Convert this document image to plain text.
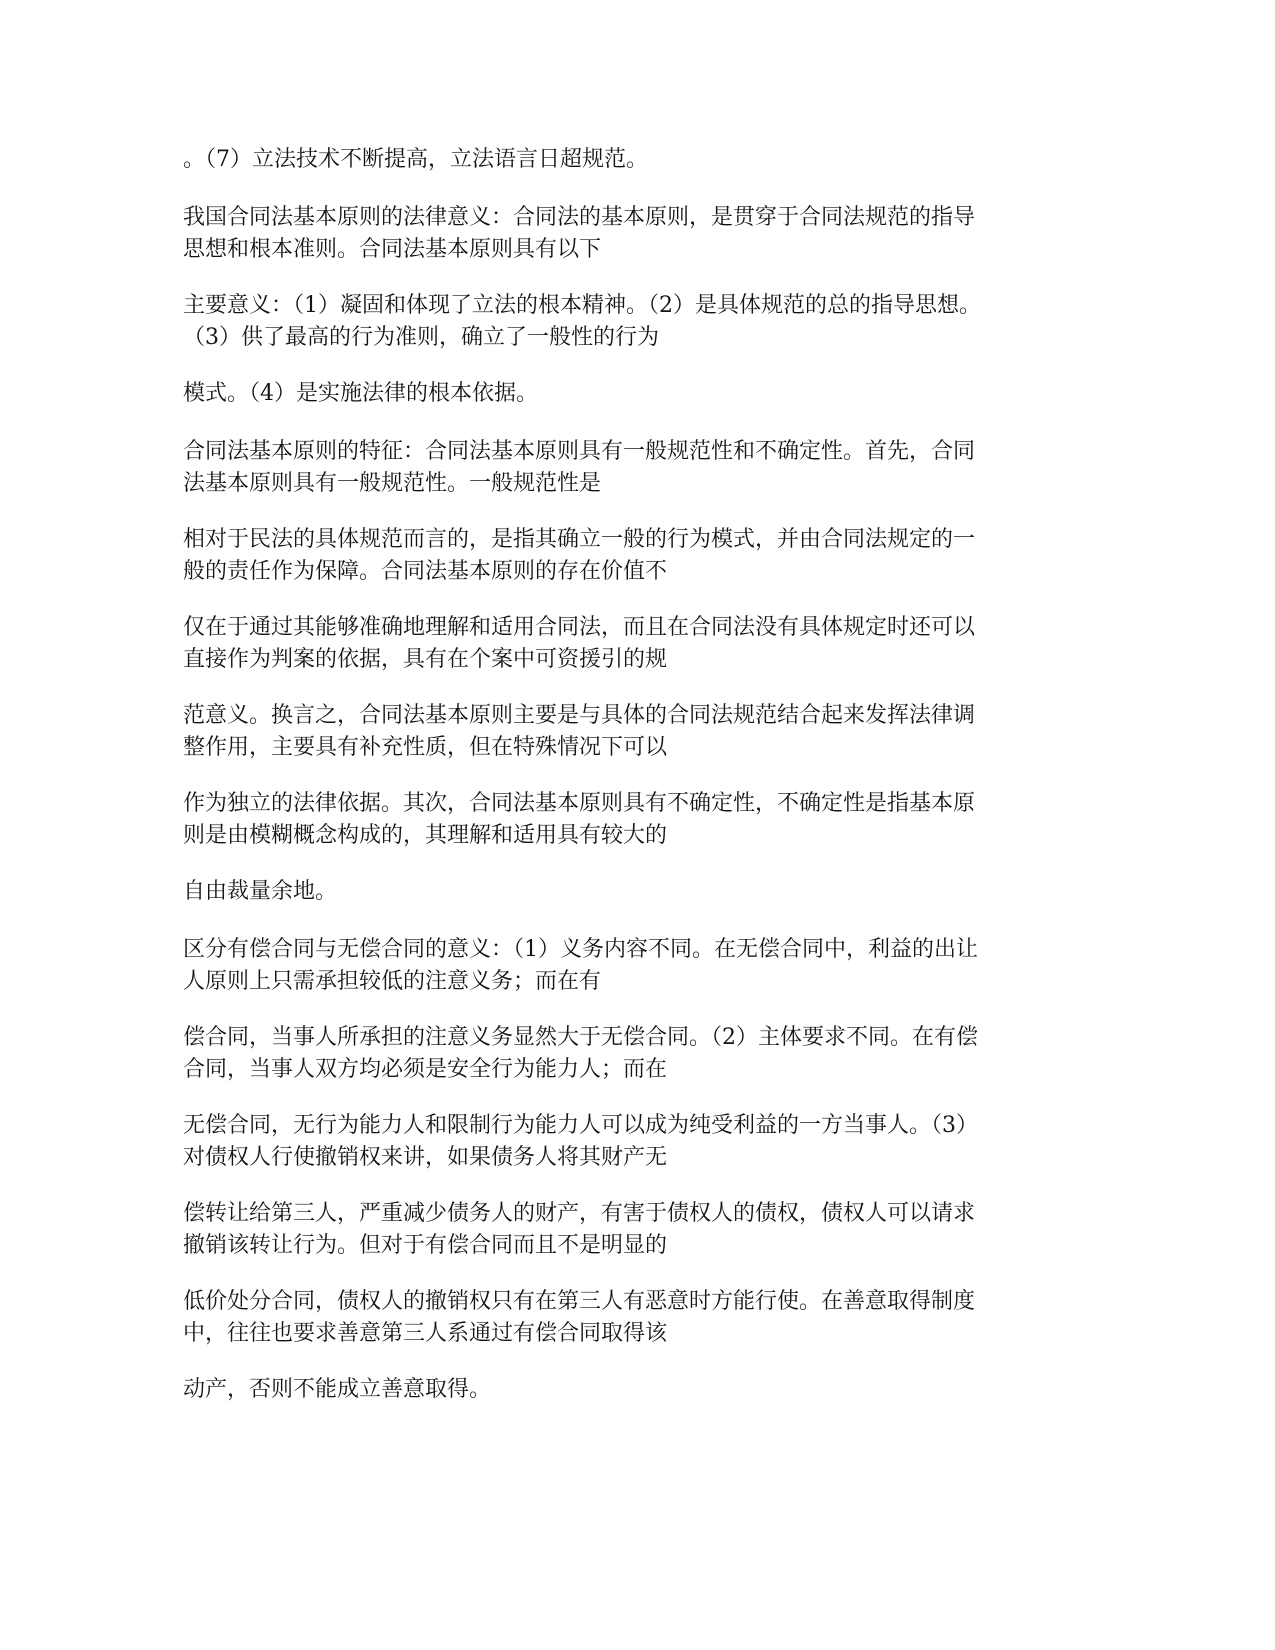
。（7）立法技术不断提高，立法语言日超规范。

我国合同法基本原则的法律意义：合同法的基本原则，是贯穿于合同法规范的指导
思想和根本准则。合同法基本原则具有以下

主要意义：（1）凝固和体现了立法的根本精神。（2）是具体规范的总的指导思想。
（3）供了最高的行为准则，确立了一般性的行为

模式。（4）是实施法律的根本依据。

合同法基本原则的特征：合同法基本原则具有一般规范性和不确定性。首先，合同
法基本原则具有一般规范性。一般规范性是

相对于民法的具体规范而言的，是指其确立一般的行为模式，并由合同法规定的一
般的责任作为保障。合同法基本原则的存在价值不

仅在于通过其能够准确地理解和适用合同法，而且在合同法没有具体规定时还可以
直接作为判案的依据，具有在个案中可资援引的规

范意义。换言之，合同法基本原则主要是与具体的合同法规范结合起来发挥法律调
整作用，主要具有补充性质，但在特殊情况下可以

作为独立的法律依据。其次，合同法基本原则具有不确定性，不确定性是指基本原
则是由模糊概念构成的，其理解和适用具有较大的

自由裁量余地。

区分有偿合同与无偿合同的意义：（1）义务内容不同。在无偿合同中，利益的出让
人原则上只需承担较低的注意义务；而在有

偿合同，当事人所承担的注意义务显然大于无偿合同。（2）主体要求不同。在有偿
合同，当事人双方均必须是安全行为能力人；而在

无偿合同，无行为能力人和限制行为能力人可以成为纯受利益的一方当事人。（3）
对债权人行使撤销权来讲，如果债务人将其财产无

偿转让给第三人，严重减少债务人的财产，有害于债权人的债权，债权人可以请求
撤销该转让行为。但对于有偿合同而且不是明显的

低价处分合同，债权人的撤销权只有在第三人有恶意时方能行使。在善意取得制度
中，往往也要求善意第三人系通过有偿合同取得该

动产，否则不能成立善意取得。
